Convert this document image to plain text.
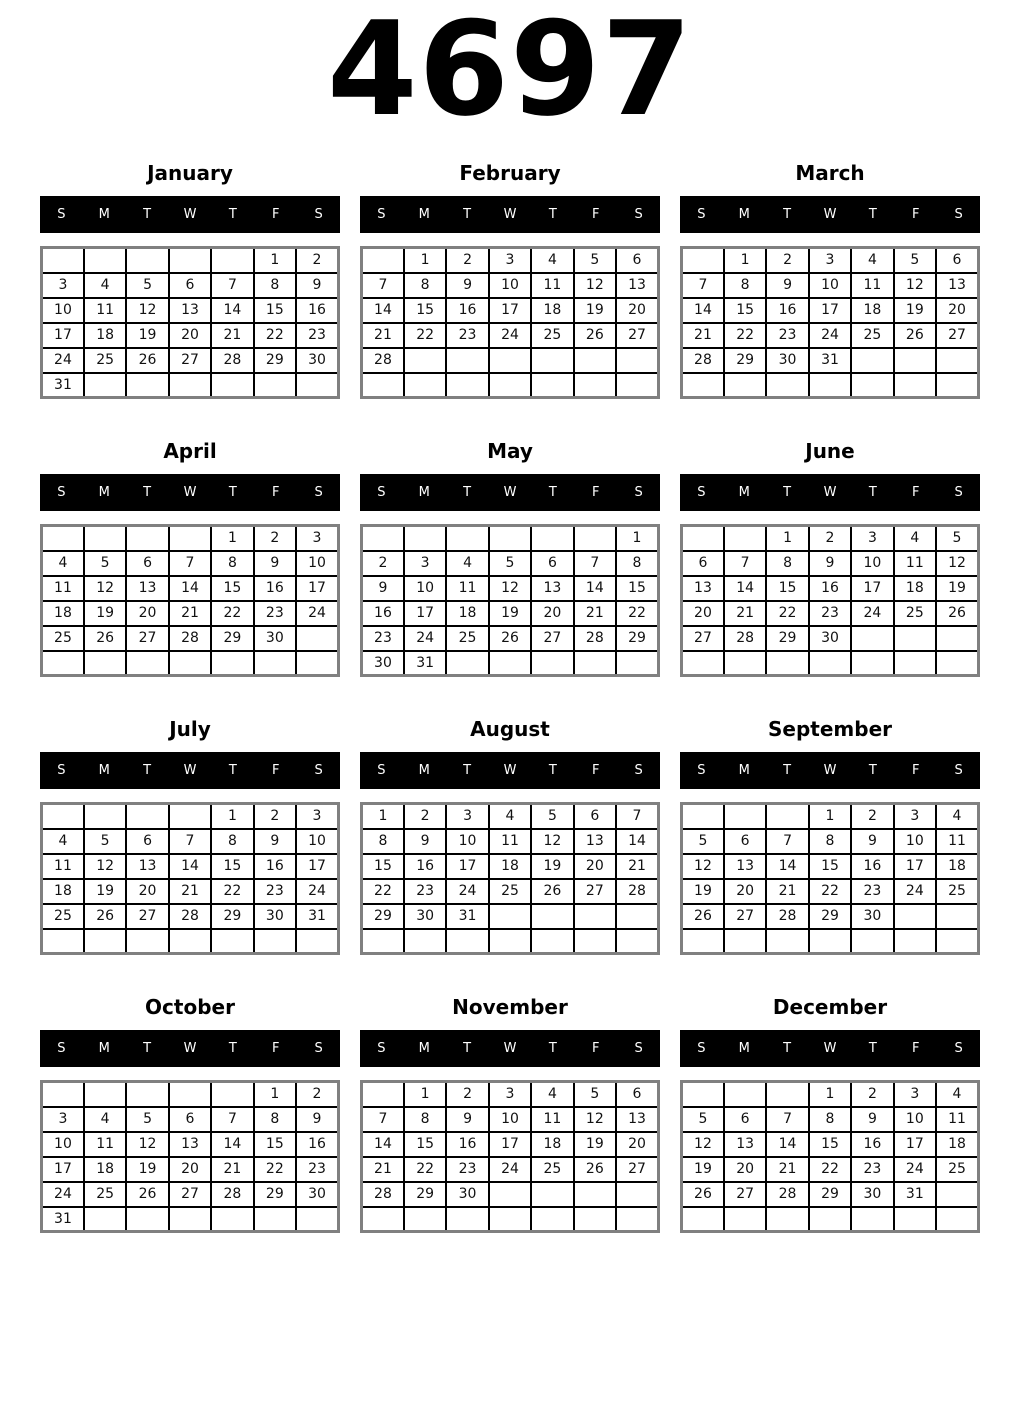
4697
January
S	M	T	W	T	F	S
					1	2
3	4	5	6	7	8	9
10	11	12	13	14	15	16
17	18	19	20	21	22	23
24	25	26	27	28	29	30
31						
February
S	M	T	W	T	F	S
	1	2	3	4	5	6
7	8	9	10	11	12	13
14	15	16	17	18	19	20
21	22	23	24	25	26	27
28						

March
S	M	T	W	T	F	S
	1	2	3	4	5	6
7	8	9	10	11	12	13
14	15	16	17	18	19	20
21	22	23	24	25	26	27
28	29	30	31			

April
S	M	T	W	T	F	S
				1	2	3
4	5	6	7	8	9	10
11	12	13	14	15	16	17
18	19	20	21	22	23	24
25	26	27	28	29	30	

May
S	M	T	W	T	F	S
						1
2	3	4	5	6	7	8
9	10	11	12	13	14	15
16	17	18	19	20	21	22
23	24	25	26	27	28	29
30	31					
June
S	M	T	W	T	F	S
		1	2	3	4	5
6	7	8	9	10	11	12
13	14	15	16	17	18	19
20	21	22	23	24	25	26
27	28	29	30			

July
S	M	T	W	T	F	S
				1	2	3
4	5	6	7	8	9	10
11	12	13	14	15	16	17
18	19	20	21	22	23	24
25	26	27	28	29	30	31

August
S	M	T	W	T	F	S
1	2	3	4	5	6	7
8	9	10	11	12	13	14
15	16	17	18	19	20	21
22	23	24	25	26	27	28
29	30	31				

September
S	M	T	W	T	F	S
			1	2	3	4
5	6	7	8	9	10	11
12	13	14	15	16	17	18
19	20	21	22	23	24	25
26	27	28	29	30		

October
S	M	T	W	T	F	S
					1	2
3	4	5	6	7	8	9
10	11	12	13	14	15	16
17	18	19	20	21	22	23
24	25	26	27	28	29	30
31						
November
S	M	T	W	T	F	S
	1	2	3	4	5	6
7	8	9	10	11	12	13
14	15	16	17	18	19	20
21	22	23	24	25	26	27
28	29	30				

December
S	M	T	W	T	F	S
			1	2	3	4
5	6	7	8	9	10	11
12	13	14	15	16	17	18
19	20	21	22	23	24	25
26	27	28	29	30	31	
